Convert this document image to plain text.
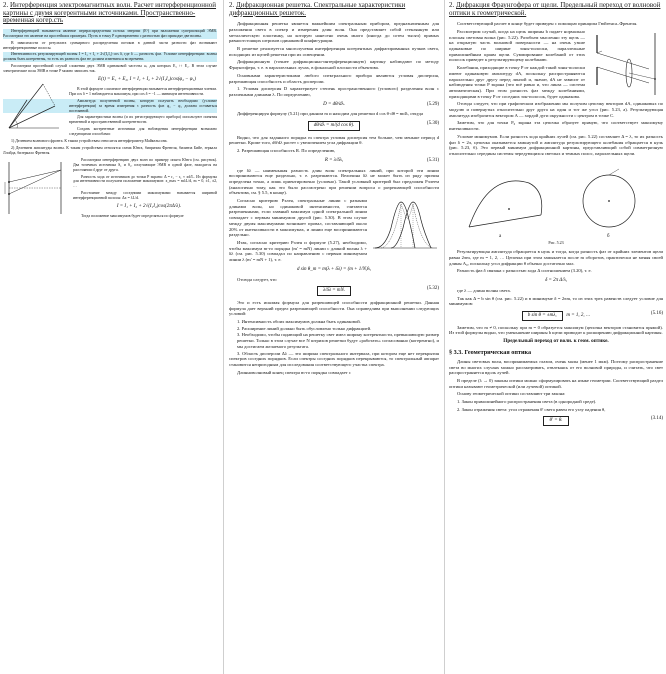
2. Интерференция электромагнитных волн. Расчет интерференционной картины с двумя когерентными источниками. Пространственно-временная когер.сть

Интерференцией называется явление перераспределения потока энергии (E²) при наложении суперпозиций ЭМВ. Рассмотрим это явление на простейших примерах. Пусть в точку P одновременно с разностью фаз приходят две волны.

В зависимости от результата суммарного распределения потоков в данной части разности фаз возникают интерференционные полосы.

Интенсивность результирующей волны I = I₁ + I₂ + 2√(I₁I₂)·cos δ, где δ — разность фаз. Условие интерференции: волны должны быть когерентны, то есть их разность фаз не должна изменяться во времени.

Рассмотрим простейший случай сложения двух ЭМВ одинаковой частоты ω, для которых E₁ ↑↑ E₂. В этом случае электрические поля ЭМВ в точке P можно записать так.

E(t) = E₁ + E₂, I = I₁ + I₂ + 2√(I₁I₂)cos(φ₂ − φ₁)

В этой формуле слагаемое интерференции называется интерференционным членом. При cos δ = 1 наблюдается максимум, при cos δ = −1 — минимум интенсивности.

Амплитуда полученной волны, которую получить необходимо (условие интерференции) за время измерения τ разность фаз φ₂ − φ₁ должна оставаться постоянной.

Для характеристики волны (и их регистрирующего прибора) используют понятия временной и пространственной когерентности.

Создать когерентные источники для наблюдения интерференции возможно следующими способами:

1) Делением волнового фронта. К таким устройствам относятся интерферометр Майкельсона.

2) Делением амплитуды волны. К таким устройствам относятся схема Юнга, бипризма Френеля, билинза Бийе, зеркала Ллойда, бизеркало Френеля.

Рассмотрим интерференцию двух волн по примеру опыта Юнга (см. рисунок). Два точечных источника S₁ и S₂, излучающие ЭМВ в одной фазе, находятся на расстоянии d друг от друга.

Разность хода от источников до точки P экрана: Δ = r₂ − r₁ ≈ xd/L. Из формулы для интенсивности получаем положение максимумов: x_max = mλL/d, m = 0, ±1, ±2, …

Расстояние между соседними максимумами называется шириной интерференционной полосы: Δx = λL/d.

I = I₁ + I₂ + 2√(I₁I₂)cos(2πΔ/λ).

Тогда положение максимумов будет определяться по формуле

2. Дифракционная решетка. Спектральные характеристики дифракционных решеток.

Дифракционная решетка является важнейшим спектральным прибором, предназначенным для разложения света в спектр и измерения длин волн. Она представляет собой стеклянную или металлическую пластинку, на которую нанесено очень много (иногда до сотен тысяч) прямых равноотстоящих штрихов одинаковой конфигурации.

В решетке реализуется многолучевая интерференция когерентных дифрагированных пучков света, исходящих из щелей решетки при их освещении.

Дифракционную (точнее дифракционно-интерференционную) картину наблюдают по методу Фраунгофера, т. е. в параллельных лучах, в фокальной плоскости объектива.

Основными характеристиками любого спектрального прибора являются угловая дисперсия, разрешающая способность и область дисперсии.

1. Угловая дисперсия D характеризует степень пространственного (углового) разделения волн с различными длинами λ. По определению,

D = dθ/dλ.	(5.29)

Дифференцируя формулу (5.21) при данном m и находим для решетки d cos θ·dθ = mdλ, откуда

dθ/dλ = m/(d cos θ).	(5.30)

Видно, что для заданного порядка m спектра угловая дисперсия тем больше, чем меньше период d решетки. Кроме того, dθ/dλ растет с увеличением угла дифракции θ.

2. Разрешающая способность R. По определению,

R = λ/δλ,	(5.31)

где δλ — наименьшая разность длин волн спектральных линий, при которой эти линии воспринимаются еще раздельно, т. е. разрешаются. Величина δλ не может быть из ряду причин определена точно, а лишь ориентировочно (условно). Такой условный критерий был предложен Рэлеем (аналогично тому, как это было рассмотрено при решении вопроса о разрешающей способности объектива, см. § 5.5, в конце).

Согласно критерию Рэлея, спектральные линии с разными длинами волн, но одинаковой интенсивности, считаются разрешенными, если главный максимум одной спектральной линии совпадает с первым минимумом другой (рис. 5.30). В этом случае между двумя максимумами возникает провал, составляющий около 20% от интенсивности в максимумах, и линии еще воспринимаются раздельно.

Итак, согласно критерию Рэлея и формуле (5.27), необходимо, чтобы максимум m-го порядка (m' = mN) линии с длиной волны λ + δλ (см. рис. 5.30) совпадал по направлению с первым минимумом линии λ (m' = mN + 1), т. е.

d sin θ_m = m(λ + δλ) = (m + 1/N)λ,

Отсюда следует, что

λ/δλ = mN.	(5.32)

Это и есть искомая формула для разрешающей способности дифракционной решетки. Данная формула дает верхний предел разрешающей способности. Она справедлива при выполнении следующих условий:

1. Интенсивность обоих максимумов должна быть одинаковой.
2. Расширение линий должно быть обусловлено только дифракцией.
3. Необходимо, чтобы падающий на решетку свет имел ширину когерентности, превышающую размер решетки. Только в этом случае все N штрихов решетки будут «работать» согласованно (когерентно), и мы достигаем желаемого результата.

3. Область дисперсии Δλ — это ширина спектрального интервала, при котором еще нет перекрытия спектров соседних порядков. Если спектры соседних порядков перекрываются, то спектральный аппарат становится непригодным для исследования соответствующего участка спектра.

Длинноволновый конец спектра m-го порядка совпадает с

2. Дифракция Фраунгофера от щели. Предельный переход от волновой оптики к геометрической.

Соответствующий расчет в конце будет приведен с помощью принципа Гюйгенса–Френеля.

Рассмотрим случай, когда на щель ширины b падает нормально плоская световая волна (рис. 5.22). Разобьем мысленно эту щель — на открытую часть волновой поверхности — на очень узкие одинаковые по ширине зоны-полоски, параллельные прямолинейным краям щели. Суммирование колебаний от этих полосок приведет к результирующему колебанию.

Колебания, приходящие в точку P от каждой такой зоны-полоски имеют одинаковую амплитуду dA, поскольку распространяются параллельно друг другу перед линзой и, значит, dA не зависит от наблюдения точки P экрана (что всё равно и, что линза — система автоматическая). При этом разность фаз между колебаниями, приходящими в точку P от соседних зон-полосок, будет одинакова.

Отсюда следует, что при графическом изображении мы получим цепочку векторов dA, одинаковых по модулю и повернутых относительно друг друга на один и тот же угол (рис. 5.23, а). Результирующая амплитуда изобразится вектором A — хордой дуги окружности с центром в точке C.

Заметим, что для точки P₀ экрана эта цепочка образует прямую, что соответствует максимуму интенсивности.

Условие минимумов. Если разность хода крайних лучей (см. рис. 5.22) составляет Δ = λ, то их разность фаз δ = 2π, цепочка оказывается замкнутой и амплитуда результирующего колебания обращается в нуль (рис. 5.23, б). Это первый минимум дифракционной картины, представляющий собой симметричную относительно середины системы чередующихся светлых и темных полос, параллельных щели.

а	б
Рис. 5.23

Результирующая амплитуда обращается в нуль и тогда, когда разность фаз от крайних элементов щели равна 2πm, где m = 1, 2, … Цепочка при этом замыкается после m оборотов, практически не меняя своей длины A₀, поскольку угол дифракции θ обычно достаточно мал.

Разность фаз δ связана с разностью хода Δ соотношением (3.20), т. е.

δ = 2π Δ/λ,

где λ — длина волны света.

Так как Δ = b sin θ (см. рис. 5.22) и в минимуме δ = 2πm, то из этих трех равенств следует условие для минимумов:

b sin θ = ±mλ, m = 1, 2, …	(5.16)

Заметим, что m ≠ 0, поскольку при m = 0 образуется максимум (цепочка векторов становится прямой). Из этой формулы видно, что уменьшение ширины b щели приводит к расширению дифракционной картины.

Предельный переход от волн. к геом. оптике.
§ 3.3. Геометрическая оптика

Длины световых волн, воспринимаемых глазом, очень малы (менее 1 мкм). Поэтому распространение света во многих случаях можно рассматривать, отвлекаясь от его волновой природы, и считать, что свет распространяется вдоль лучей.

В пределе (λ → 0) законы оптики можно сформулировать на языке геометрии. Соответствующий раздел оптики называют геометрической (или лучевой) оптикой.

Основу геометрической оптики составляют три закона:

1. Закон прямолинейного распространения света (в однородной среде).

2. Закон отражения света: угол отражения θ' света равен его углу падения θ,

θ' = θ.	(3.14)
